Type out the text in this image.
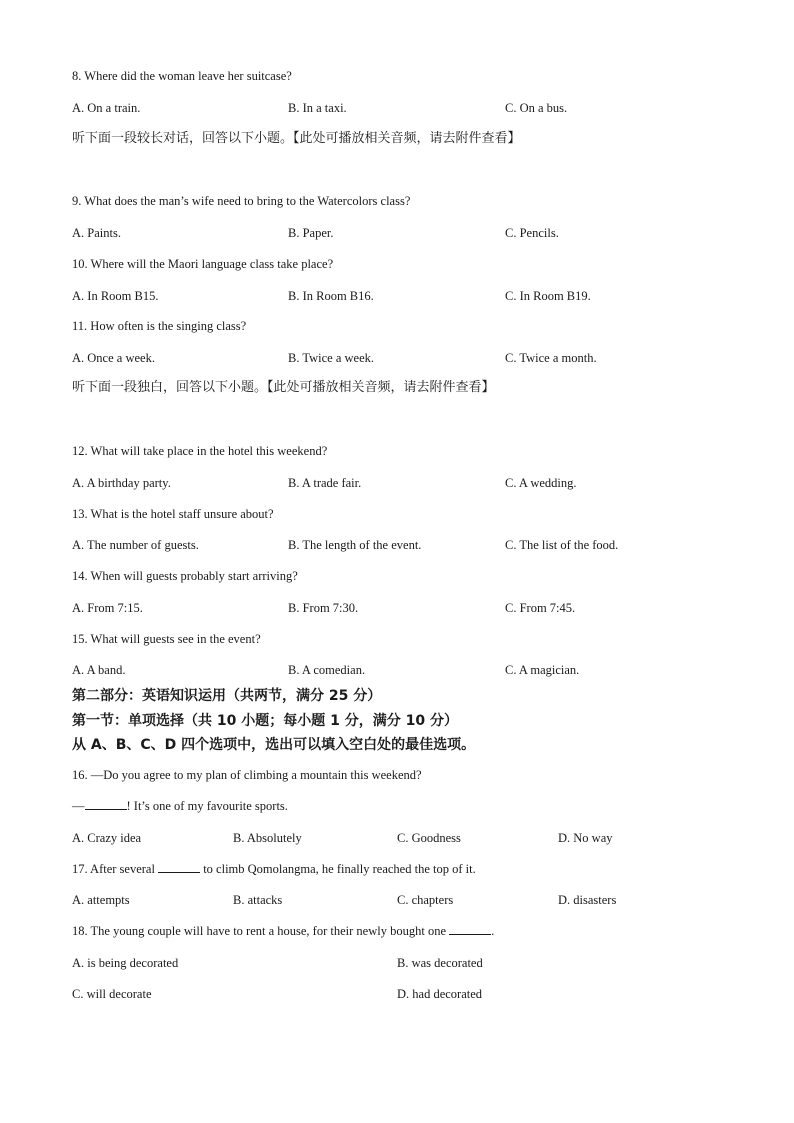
8. Where did the woman leave her suitcase?
A. On a train.	B. In a taxi.	C. On a bus.
听下面一段较长对话，回答以下小题。【此处可播放相关音频，请去附件查看】
9. What does the man’s wife need to bring to the Watercolors class?
A. Paints.	B. Paper.	C. Pencils.
10. Where will the Maori language class take place?
A. In Room B15.	B. In Room B16.	C. In Room B19.
11. How often is the singing class?
A. Once a week.	B. Twice a week.	C. Twice a month.
听下面一段独白，回答以下小题。【此处可播放相关音频，请去附件查看】
12. What will take place in the hotel this weekend?
A. A birthday party.	B. A trade fair.	C. A wedding.
13. What is the hotel staff unsure about?
A. The number of guests.	B. The length of the event.	C. The list of the food.
14. When will guests probably start arriving?
A. From 7:15.	B. From 7:30.	C. From 7:45.
15. What will guests see in the event?
A. A band.	B. A comedian.	C. A magician.
第二部分：英语知识运用（共两节，满分 25 分）
第一节：单项选择（共 10 小题；每小题 1 分，满分 10 分）
从 A、B、C、D 四个选项中，选出可以填入空白处的最佳选项。
16. —Do you agree to my plan of climbing a mountain this weekend?
—	! It’s one of my favourite sports.
A. Crazy idea	B. Absolutely	C. Goodness	D. No way
17. After several	to climb Qomolangma, he finally reached the top of it.
A. attempts	B. attacks	C. chapters	D. disasters
18. The young couple will have to rent a house, for their newly bought one	.
A. is being decorated	B. was decorated
C. will decorate	D. had decorated
